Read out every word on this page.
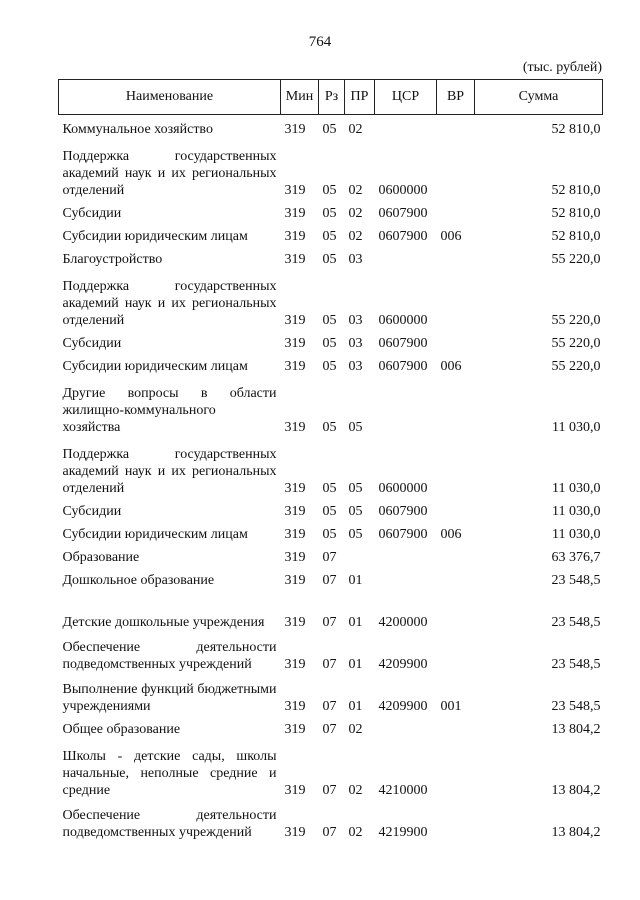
764
(тыс. рублей)
Наименование	Мин	Рз	ПР	ЦСР	ВР	Сумма
Коммунальное хозяйство	319	05	02			52 810,0
Поддержка государственных академий наук и их региональных отделений	319	05	02	0600000		52 810,0
Субсидии	319	05	02	0607900		52 810,0
Субсидии юридическим лицам	319	05	02	0607900	006	52 810,0
Благоустройство	319	05	03			55 220,0
Поддержка государственных академий наук и их региональных отделений	319	05	03	0600000		55 220,0
Субсидии	319	05	03	0607900		55 220,0
Субсидии юридическим лицам	319	05	03	0607900	006	55 220,0
Другие вопросы в области жилищно-коммунального хозяйства	319	05	05			11 030,0
Поддержка государственных академий наук и их региональных отделений	319	05	05	0600000		11 030,0
Субсидии	319	05	05	0607900		11 030,0
Субсидии юридическим лицам	319	05	05	0607900	006	11 030,0
Образование	319	07				63 376,7
Дошкольное образование	319	07	01			23 548,5
Детские дошкольные учреждения	319	07	01	4200000		23 548,5
Обеспечение деятельности подведомственных учреждений	319	07	01	4209900		23 548,5
Выполнение функций бюджетными учреждениями	319	07	01	4209900	001	23 548,5
Общее образование	319	07	02			13 804,2
Школы - детские сады, школы начальные, неполные средние и средние	319	07	02	4210000		13 804,2
Обеспечение деятельности подведомственных учреждений	319	07	02	4219900		13 804,2
